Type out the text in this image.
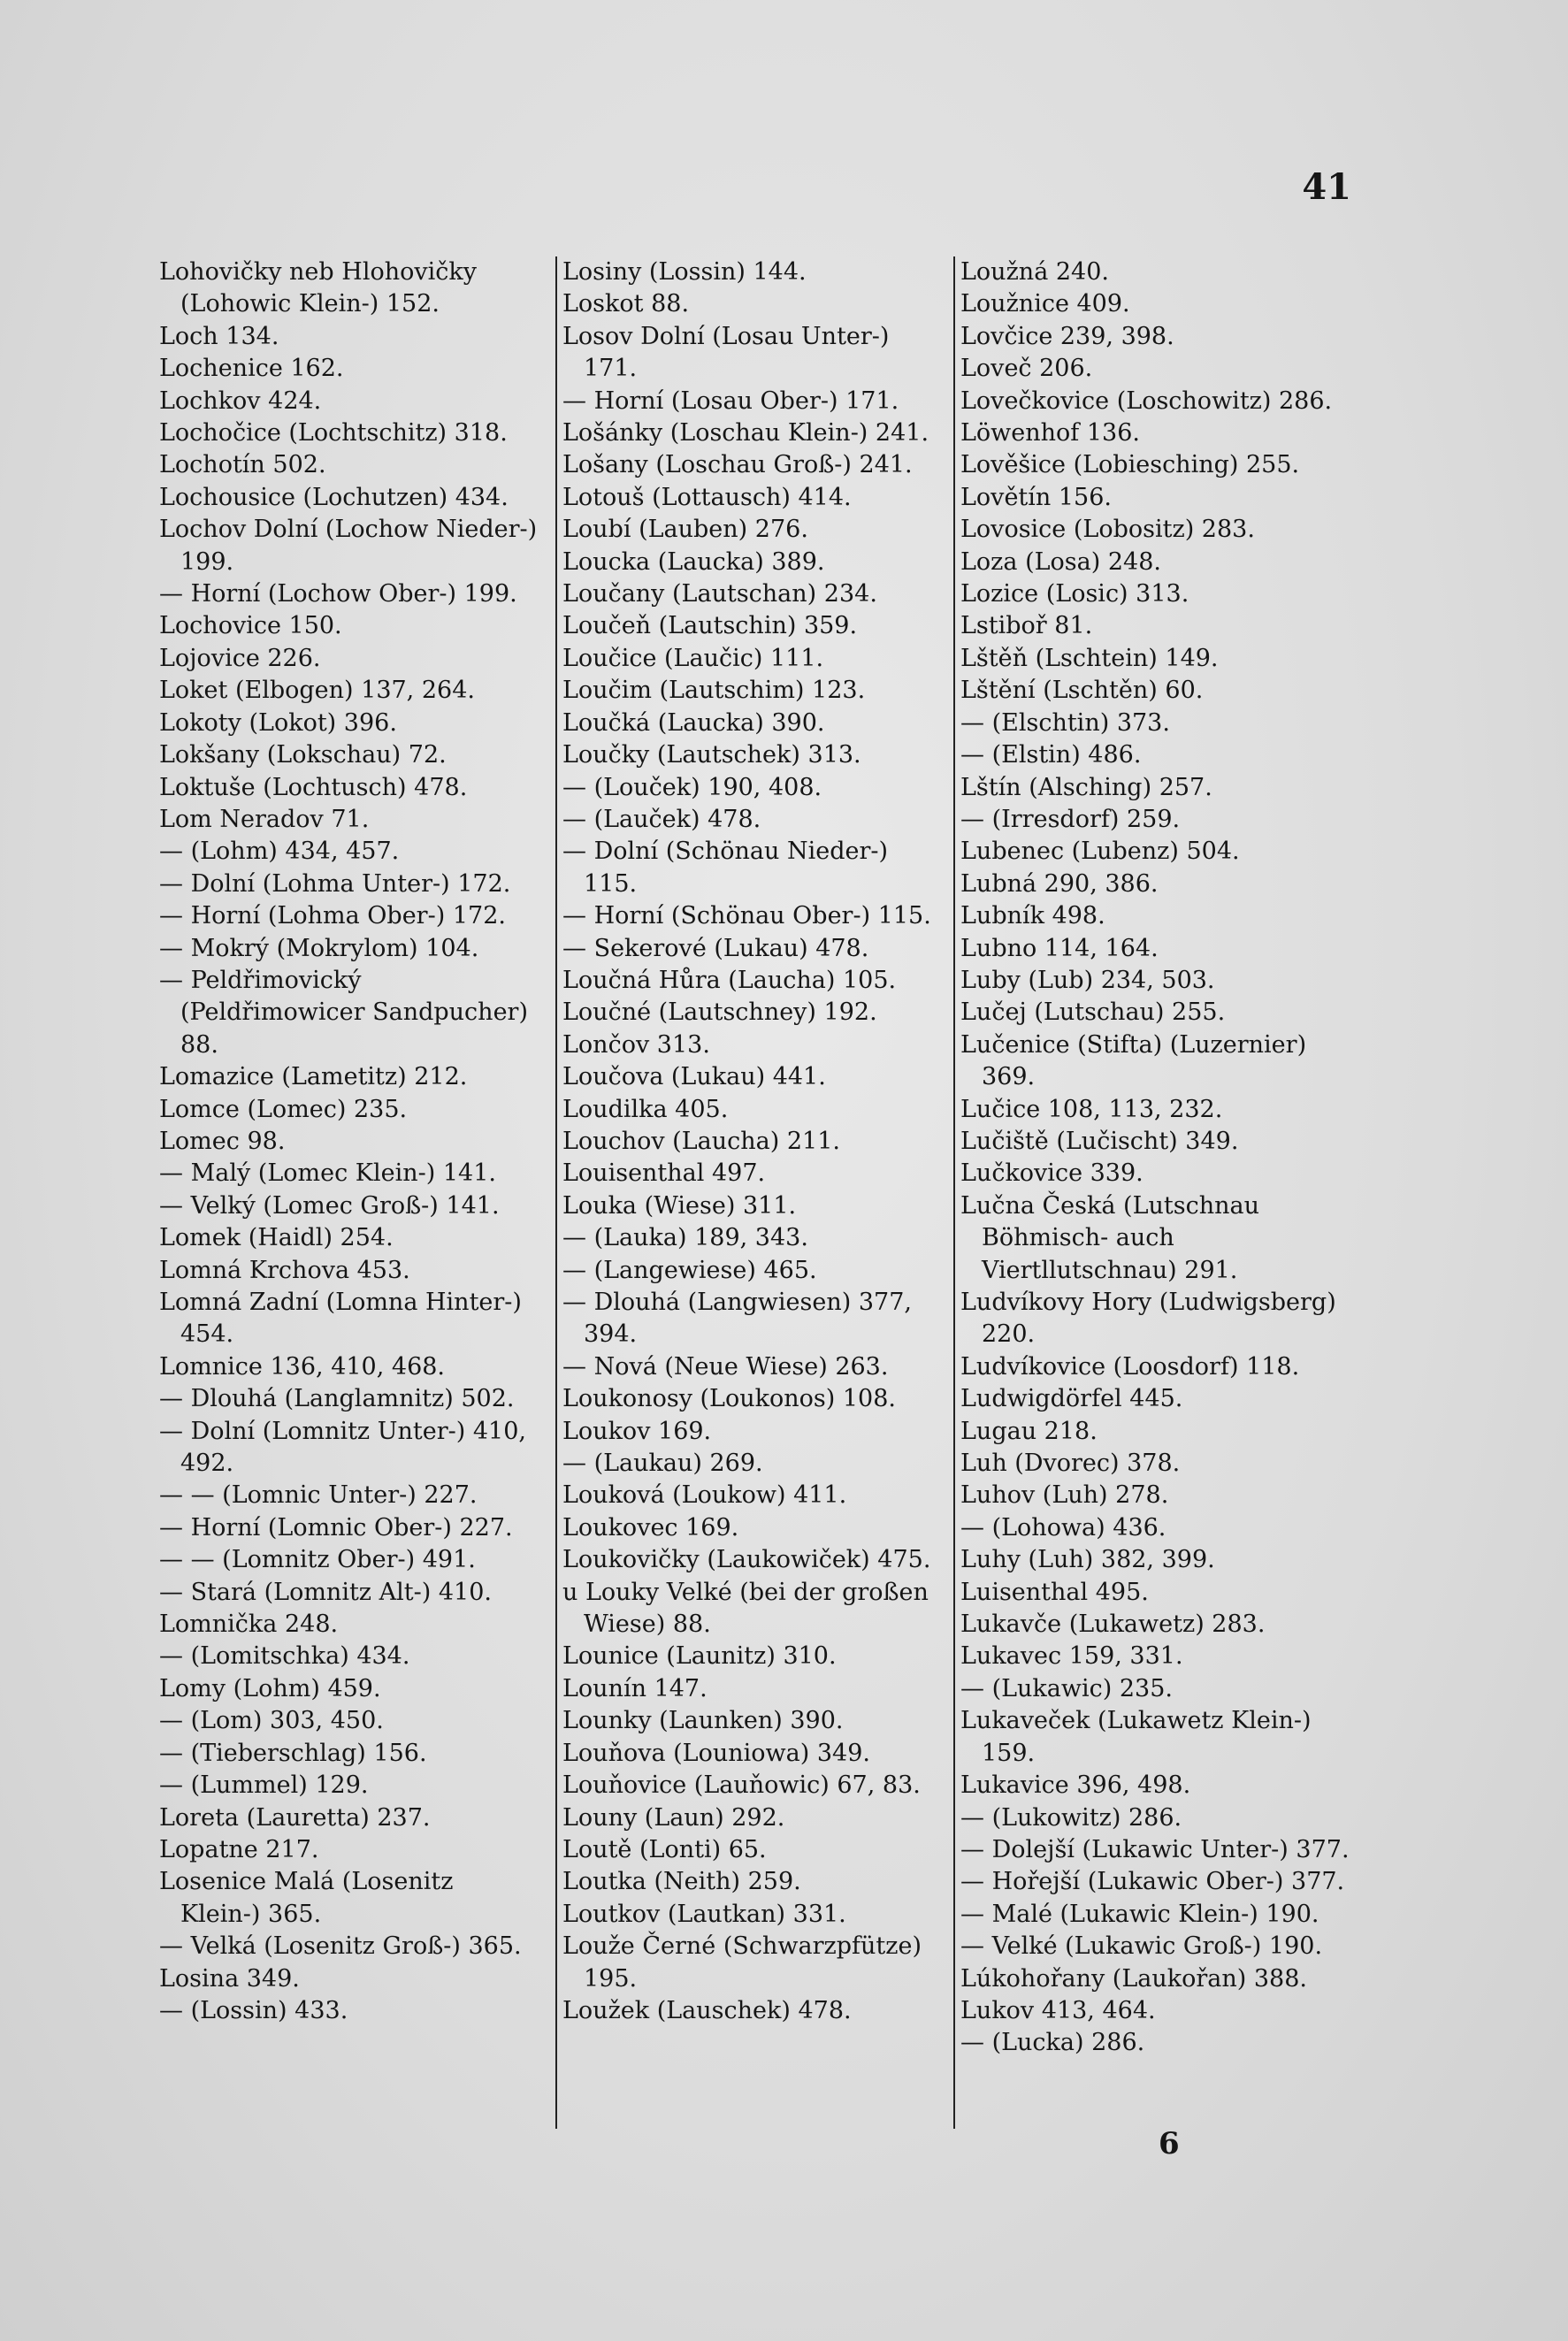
41
Lohovičky neb Hlohovičky (Lohowic Klein-) 152.
Loch 134.
Lochenice 162.
Lochkov 424.
Lochočice (Lochtschitz) 318.
Lochotín 502.
Lochousice (Lochutzen) 434.
Lochov Dolní (Lochow Nieder-) 199.
— Horní (Lochow Ober-) 199.
Lochovice 150.
Lojovice 226.
Loket (Elbogen) 137, 264.
Lokoty (Lokot) 396.
Lokšany (Lokschau) 72.
Loktuše (Lochtusch) 478.
Lom Neradov 71.
— (Lohm) 434, 457.
— Dolní (Lohma Unter-) 172.
— Horní (Lohma Ober-) 172.
— Mokrý (Mokrylom) 104.
— Peldřimovický (Peldřimowicer Sandpucher) 88.
Lomazice (Lametitz) 212.
Lomce (Lomec) 235.
Lomec 98.
— Malý (Lomec Klein-) 141.
— Velký (Lomec Groß-) 141.
Lomek (Haidl) 254.
Lomná Krchova 453.
Lomná Zadní (Lomna Hinter-) 454.
Lomnice 136, 410, 468.
— Dlouhá (Langlamnitz) 502.
— Dolní (Lomnitz Unter-) 410, 492.
— — (Lomnic Unter-) 227.
— Horní (Lomnic Ober-) 227.
— — (Lomnitz Ober-) 491.
— Stará (Lomnitz Alt-) 410.
Lomnička 248.
— (Lomitschka) 434.
Lomy (Lohm) 459.
— (Lom) 303, 450.
— (Tieberschlag) 156.
— (Lummel) 129.
Loreta (Lauretta) 237.
Lopatne 217.
Losenice Malá (Losenitz Klein-) 365.
— Velká (Losenitz Groß-) 365.
Losina 349.
— (Lossin) 433.
Losiny (Lossin) 144.
Loskot 88.
Losov Dolní (Losau Unter-) 171.
— Horní (Losau Ober-) 171.
Lošánky (Loschau Klein-) 241.
Lošany (Loschau Groß-) 241.
Lotouš (Lottausch) 414.
Loubí (Lauben) 276.
Loucka (Laucka) 389.
Loučany (Lautschan) 234.
Loučeň (Lautschin) 359.
Loučice (Laučic) 111.
Loučim (Lautschim) 123.
Loučká (Laucka) 390.
Loučky (Lautschek) 313.
— (Louček) 190, 408.
— (Lauček) 478.
— Dolní (Schönau Nieder-) 115.
— Horní (Schönau Ober-) 115.
— Sekerové (Lukau) 478.
Loučná Hůra (Laucha) 105.
Loučné (Lautschney) 192.
Lončov 313.
Loučova (Lukau) 441.
Loudilka 405.
Louchov (Laucha) 211.
Louisenthal 497.
Louka (Wiese) 311.
— (Lauka) 189, 343.
— (Langewiese) 465.
— Dlouhá (Langwiesen) 377, 394.
— Nová (Neue Wiese) 263.
Loukonosy (Loukonos) 108.
Loukov 169.
— (Laukau) 269.
Louková (Loukow) 411.
Loukovec 169.
Loukovičky (Laukowiček) 475.
u Louky Velké (bei der großen Wiese) 88.
Lounice (Launitz) 310.
Lounín 147.
Lounky (Launken) 390.
Louňova (Louniowa) 349.
Louňovice (Lauňowic) 67, 83.
Louny (Laun) 292.
Loutě (Lonti) 65.
Loutka (Neith) 259.
Loutkov (Lautkan) 331.
Louže Černé (Schwarzpfütze) 195.
Loužek (Lauschek) 478.
Loužná 240.
Loužnice 409.
Lovčice 239, 398.
Loveč 206.
Lovečkovice (Loschowitz) 286.
Löwenhof 136.
Lověšice (Lobiesching) 255.
Lovětín 156.
Lovosice (Lobositz) 283.
Loza (Losa) 248.
Lozice (Losic) 313.
Lstiboř 81.
Lštěň (Lschtein) 149.
Lštění (Lschtěn) 60.
— (Elschtin) 373.
— (Elstin) 486.
Lštín (Alsching) 257.
— (Irresdorf) 259.
Lubenec (Lubenz) 504.
Lubná 290, 386.
Lubník 498.
Lubno 114, 164.
Luby (Lub) 234, 503.
Lučej (Lutschau) 255.
Lučenice (Stifta) (Luzernier) 369.
Lučice 108, 113, 232.
Lučiště (Lučischt) 349.
Lučkovice 339.
Lučna Česká (Lutschnau Böhmisch- auch Viertllutschnau) 291.
Ludvíkovy Hory (Ludwigsberg) 220.
Ludvíkovice (Loosdorf) 118.
Ludwigdörfel 445.
Lugau 218.
Luh (Dvorec) 378.
Luhov (Luh) 278.
— (Lohowa) 436.
Luhy (Luh) 382, 399.
Luisenthal 495.
Lukavče (Lukawetz) 283.
Lukavec 159, 331.
— (Lukawic) 235.
Lukaveček (Lukawetz Klein-) 159.
Lukavice 396, 498.
— (Lukowitz) 286.
— Dolejší (Lukawic Unter-) 377.
— Hořejší (Lukawic Ober-) 377.
— Malé (Lukawic Klein-) 190.
— Velké (Lukawic Groß-) 190.
Lúkohořany (Laukořan) 388.
Lukov 413, 464.
— (Lucka) 286.
6
